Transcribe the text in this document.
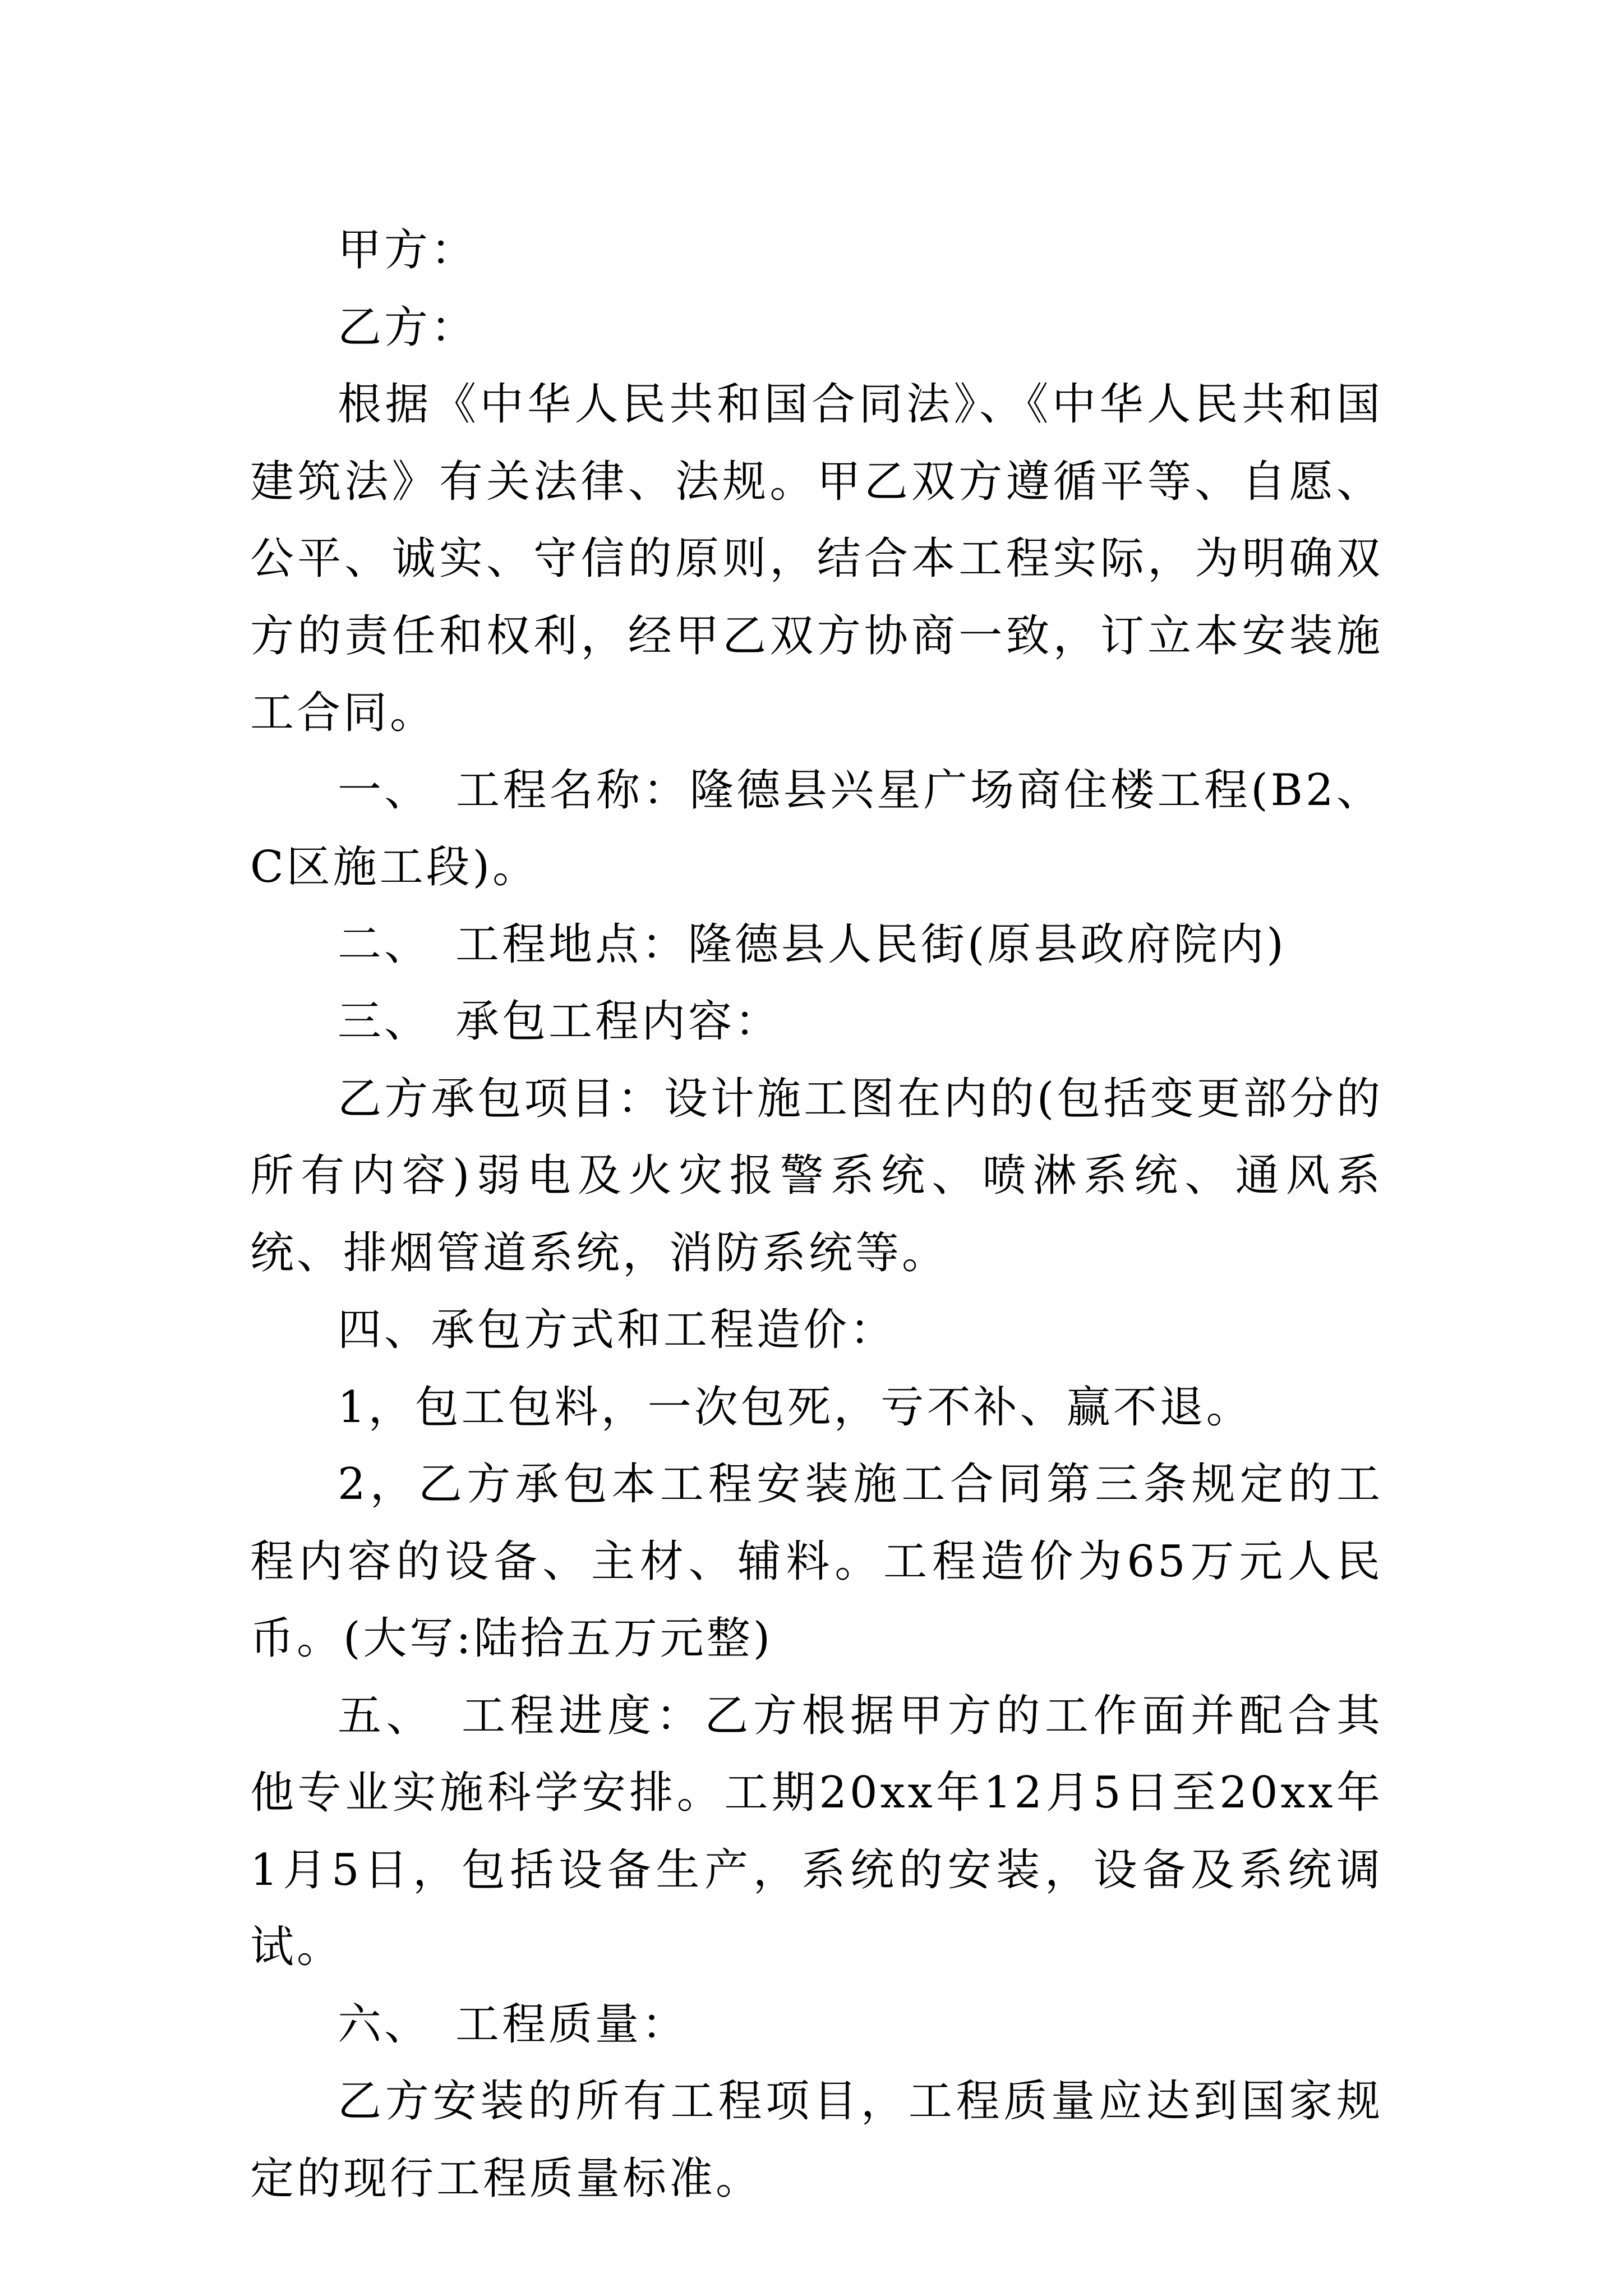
甲方：

乙方：

根据《中华人民共和国合同法》、《中华人民共和国建筑法》有关法律、法规。甲乙双方遵循平等、自愿、公平、诚实、守信的原则，结合本工程实际，为明确双方的责任和权利，经甲乙双方协商一致，订立本安装施工合同。

一、　工程名称：隆德县兴星广场商住楼工程(B2、C区施工段)。

二、　工程地点：隆德县人民街(原县政府院内)

三、　承包工程内容：

乙方承包项目：设计施工图在内的(包括变更部分的所有内容)弱电及火灾报警系统、喷淋系统、通风系统、排烟管道系统，消防系统等。

四、承包方式和工程造价：

1，包工包料，一次包死，亏不补、赢不退。

2，乙方承包本工程安装施工合同第三条规定的工程内容的设备、主材、辅料。工程造价为65万元人民币。(大写:陆拾五万元整)

五、　工程进度：乙方根据甲方的工作面并配合其他专业实施科学安排。工期20xx年12月5日至20xx年1月5日，包括设备生产，系统的安装，设备及系统调试。

六、　工程质量：

乙方安装的所有工程项目，工程质量应达到国家规定的现行工程质量标准。
